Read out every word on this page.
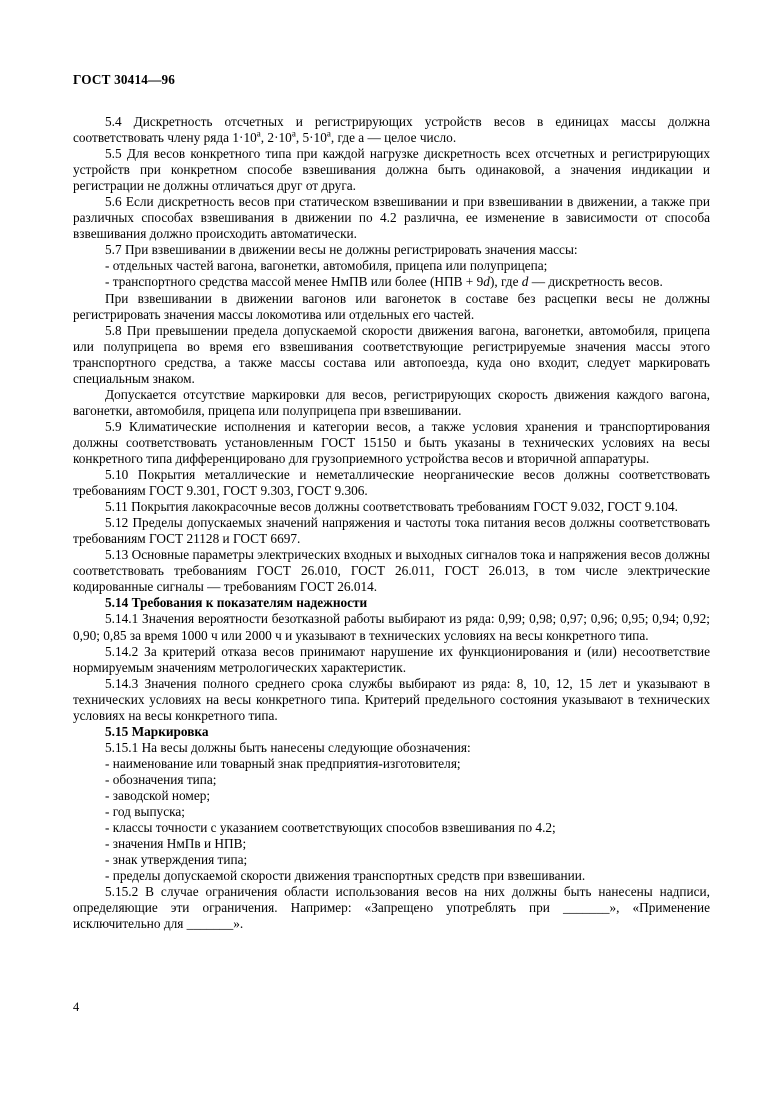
ГОСТ 30414—96

5.4 Дискретность отсчетных и регистрирующих устройств весов в единицах массы должна соответствовать члену ряда $1\cdot 10^а$, $2\cdot 10^а$, $5\cdot 10^а$, где а — целое число.

5.5 Для весов конкретного типа при каждой нагрузке дискретность всех отсчетных и регистрирующих устройств при конкретном способе взвешивания должна быть одинаковой, а значения индикации и регистрации не должны отличаться друг от друга.

5.6 Если дискретность весов при статическом взвешивании и при взвешивании в движении, а также при различных способах взвешивания в движении по 4.2 различна, ее изменение в зависимости от способа взвешивания должно происходить автоматически.

5.7 При взвешивании в движении весы не должны регистрировать значения массы:

- отдельных частей вагона, вагонетки, автомобиля, прицепа или полуприцепа;

- транспортного средства массой менее НмПВ или более (НПВ + 9d), где d — дискретность весов.

При взвешивании в движении вагонов или вагонеток в составе без расцепки весы не должны регистрировать значения массы локомотива или отдельных его частей.

5.8 При превышении предела допускаемой скорости движения вагона, вагонетки, автомобиля, прицепа или полуприцепа во время его взвешивания соответствующие регистрируемые значения массы этого транспортного средства, а также массы состава или автопоезда, куда оно входит, следует маркировать специальным знаком.

Допускается отсутствие маркировки для весов, регистрирующих скорость движения каждого вагона, вагонетки, автомобиля, прицепа или полуприцепа при взвешивании.

5.9 Климатические исполнения и категории весов, а также условия хранения и транспортирования должны соответствовать установленным ГОСТ 15150 и быть указаны в технических условиях на весы конкретного типа дифференцировано для грузоприемного устройства весов и вторичной аппаратуры.

5.10 Покрытия металлические и неметаллические неорганические весов должны соответствовать требованиям ГОСТ 9.301, ГОСТ 9.303, ГОСТ 9.306.

5.11 Покрытия лакокрасочные весов должны соответствовать требованиям ГОСТ 9.032, ГОСТ 9.104.

5.12 Пределы допускаемых значений напряжения и частоты тока питания весов должны соответствовать требованиям ГОСТ 21128 и ГОСТ 6697.

5.13 Основные параметры электрических входных и выходных сигналов тока и напряжения весов должны соответствовать требованиям ГОСТ 26.010, ГОСТ 26.011, ГОСТ 26.013, в том числе электрические кодированные сигналы — требованиям ГОСТ 26.014.

5.14 Требования к показателям надежности

5.14.1 Значения вероятности безотказной работы выбирают из ряда: 0,99; 0,98; 0,97; 0,96; 0,95; 0,94; 0,92; 0,90; 0,85 за время 1000 ч или 2000 ч и указывают в технических условиях на весы конкретного типа.

5.14.2 За критерий отказа весов принимают нарушение их функционирования и (или) несоответствие нормируемым значениям метрологических характеристик.

5.14.3 Значения полного среднего срока службы выбирают из ряда: 8, 10, 12, 15 лет и указывают в технических условиях на весы конкретного типа. Критерий предельного состояния указывают в технических условиях на весы конкретного типа.

5.15 Маркировка

5.15.1 На весы должны быть нанесены следующие обозначения:

- наименование или товарный знак предприятия-изготовителя;

- обозначения типа;

- заводской номер;

- год выпуска;

- классы точности с указанием соответствующих способов взвешивания по 4.2;

- значения НмПв и НПВ;

- знак утверждения типа;

- пределы допускаемой скорости движения транспортных средств при взвешивании.

5.15.2 В случае ограничения области использования весов на них должны быть нанесены надписи, определяющие эти ограничения. Например: «Запрещено употреблять при _______», «Применение исключительно для _______».

4
